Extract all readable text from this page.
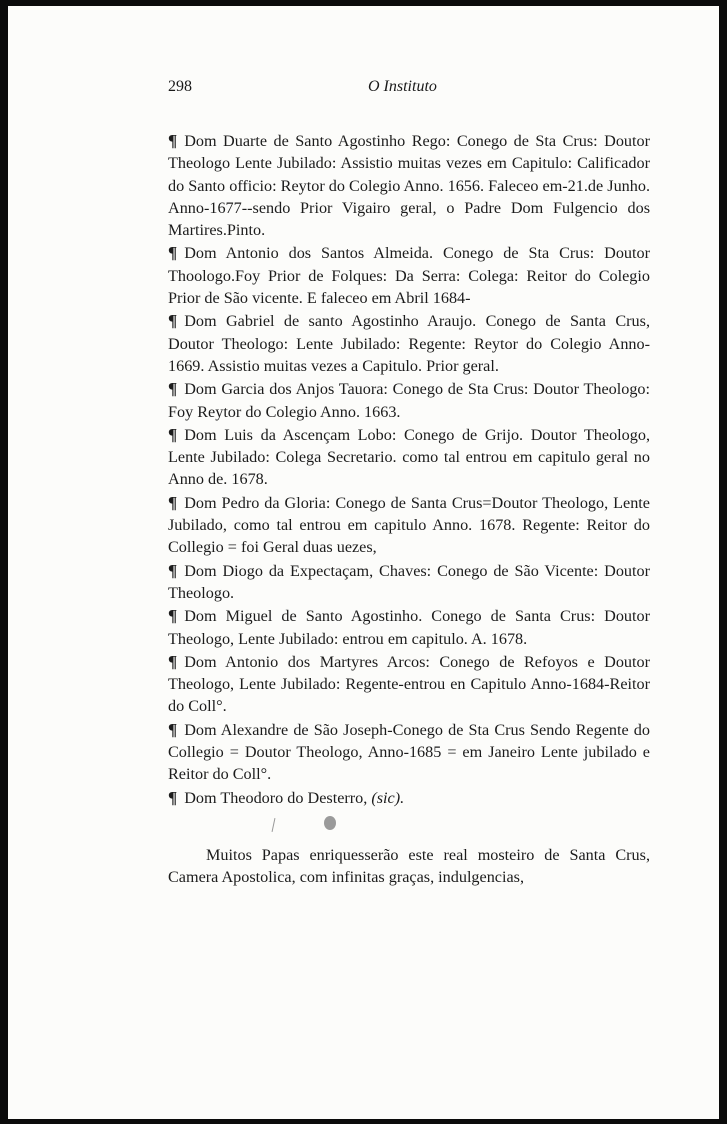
298	O Instituto

¶ Dom Duarte de Santo Agostinho Rego: Conego de Sta Crus: Doutor Theologo Lente Jubilado: Assistio muitas vezes em Capitulo: Calificador do Santo officio: Reytor do Colegio Anno. 1656. Faleceo em-21.de Junho. Anno-1677--sendo Prior Vigairo geral, o Padre Dom Fulgencio dos Martires.Pinto.

¶ Dom Antonio dos Santos Almeida. Conego de Sta Crus: Doutor Thoologo.Foy Prior de Folques: Da Serra: Colega: Reitor do Colegio Prior de São vicente. E faleceo em Abril 1684-

¶ Dom Gabriel de santo Agostinho Araujo. Conego de Santa Crus, Doutor Theologo: Lente Jubilado: Regente: Reytor do Colegio Anno-1669. Assistio muitas vezes a Capitulo. Prior geral.

¶ Dom Garcia dos Anjos Tauora: Conego de Sta Crus: Doutor Theologo: Foy Reytor do Colegio Anno. 1663.

¶ Dom Luis da Ascençam Lobo: Conego de Grijo. Doutor Theologo, Lente Jubilado: Colega Secretario. como tal entrou em capitulo geral no Anno de. 1678.

¶ Dom Pedro da Gloria: Conego de Santa Crus=Doutor Theologo, Lente Jubilado, como tal entrou em capitulo Anno. 1678. Regente: Reitor do Collegio = foi Geral duas uezes,

¶ Dom Diogo da Expectaçam, Chaves: Conego de São Vicente: Doutor Theologo.

¶ Dom Miguel de Santo Agostinho. Conego de Santa Crus: Doutor Theologo, Lente Jubilado: entrou em capitulo. A. 1678.

¶ Dom Antonio dos Martyres Arcos: Conego de Refoyos e Doutor Theologo, Lente Jubilado: Regente-entrou en Capitulo Anno-1684-Reitor do Coll°.

¶ Dom Alexandre de São Joseph-Conego de Sta Crus Sendo Regente do Collegio = Doutor Theologo, Anno-1685 = em Janeiro Lente jubilado e Reitor do Coll°.

¶ Dom Theodoro do Desterro, (sic).

Muitos Papas enriquesserão este real mosteiro de Santa Crus, Camera Apostolica, com infinitas graças, indulgencias,
